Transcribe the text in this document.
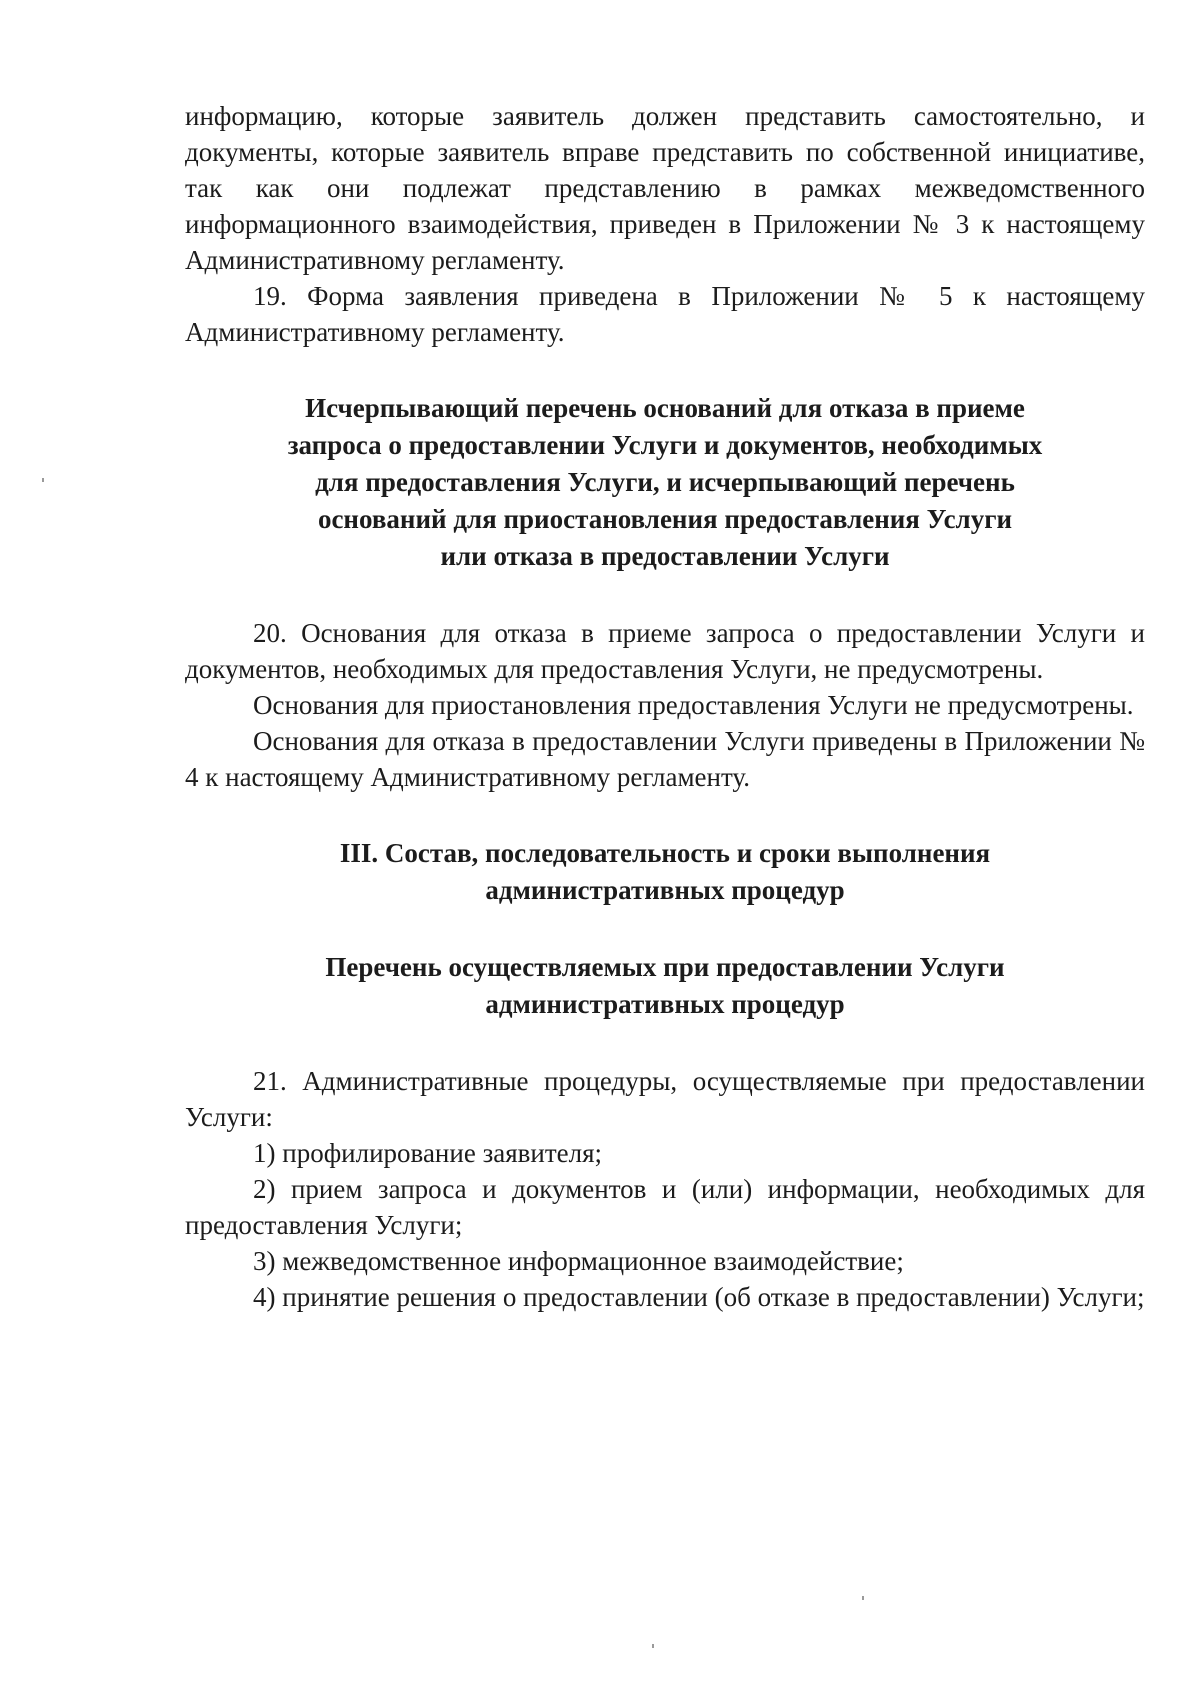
информацию, которые заявитель должен представить самостоятельно, и документы, которые заявитель вправе представить по собственной инициативе, так как они подлежат представлению в рамках межведомственного информационного взаимодействия, приведен в Приложении № 3 к настоящему Административному регламенту.

19. Форма заявления приведена в Приложении № 5 к настоящему Административному регламенту.

Исчерпывающий перечень оснований для отказа в приеме
запроса о предоставлении Услуги и документов, необходимых
для предоставления Услуги, и исчерпывающий перечень
оснований для приостановления предоставления Услуги
или отказа в предоставлении Услуги

20. Основания для отказа в приеме запроса о предоставлении Услуги и документов, необходимых для предоставления Услуги, не предусмотрены.

Основания для приостановления предоставления Услуги не предусмотрены.

Основания для отказа в предоставлении Услуги приведены в Приложении № 4 к настоящему Административному регламенту.

III. Состав, последовательность и сроки выполнения
административных процедур
Перечень осуществляемых при предоставлении Услуги
административных процедур

21. Административные процедуры, осуществляемые при предоставлении Услуги:

1) профилирование заявителя;

2) прием запроса и документов и (или) информации, необходимых для предоставления Услуги;

3) межведомственное информационное взаимодействие;

4) принятие решения о предоставлении (об отказе в предоставлении) Услуги;
